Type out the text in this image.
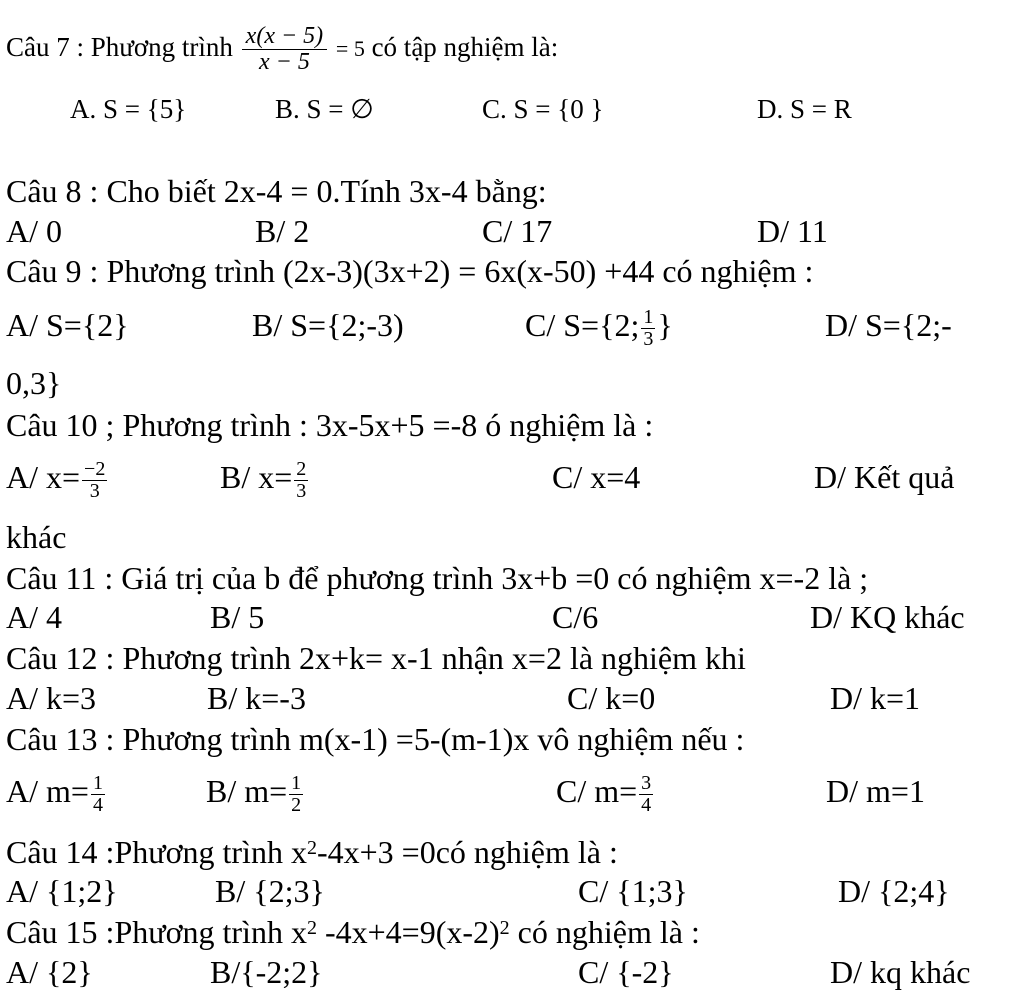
Câu 7 : Phương trình $\frac{x(x - 5)}{x - 5} = 5$ có tập nghiệm là:
A. S = {5}	B. S = ∅	C. S = {0 }	D. S = R
Câu 8 : Cho biết 2x-4 = 0.Tính 3x-4 bằng:
A/ 0	B/ 2	C/ 17	D/ 11
Câu 9 : Phương trình (2x-3)(3x+2) = 6x(x-50) +44 có nghiệm :
A/ S={2}	B/ S={2;-3)	C/ S={2; $\frac{1}{3}$ }	D/ S={2;-
0,3}
Câu 10 ; Phương trình : 3x-5x+5 =-8 ó nghiệm là :
A/ $x= \frac{-2}{3}$	B/ $x= \frac{2}{3}$	C/ x=4	D/ Kết quả
khác
Câu 11 : Giá trị của b để phương trình 3x+b =0 có nghiệm x=-2 là ;
A/ 4	B/ 5	C/6	D/ KQ khác
Câu 12 : Phương trình 2x+k= x-1 nhận x=2 là nghiệm khi
A/ k=3	B/ k=-3	C/ k=0	D/ k=1
Câu 13 : Phương trình m(x-1) =5-(m-1)x vô nghiệm nếu :
A/ $m= \frac{1}{4}$	B/ $m= \frac{1}{2}$	C/ $m= \frac{3}{4}$	D/ m=1
Câu 14 :Phương trình $x^2-4x+3$ =0có nghiệm là :
A/ {1;2}	B/ {2;3}	C/ {1;3}	D/ {2;4}
Câu 15 :Phương trình $x^2$ $-4x+4=9(x-2)^2$ có nghiệm là :
A/ {2}	B/{-2;2}	C/ {-2}	D/ kq khác
